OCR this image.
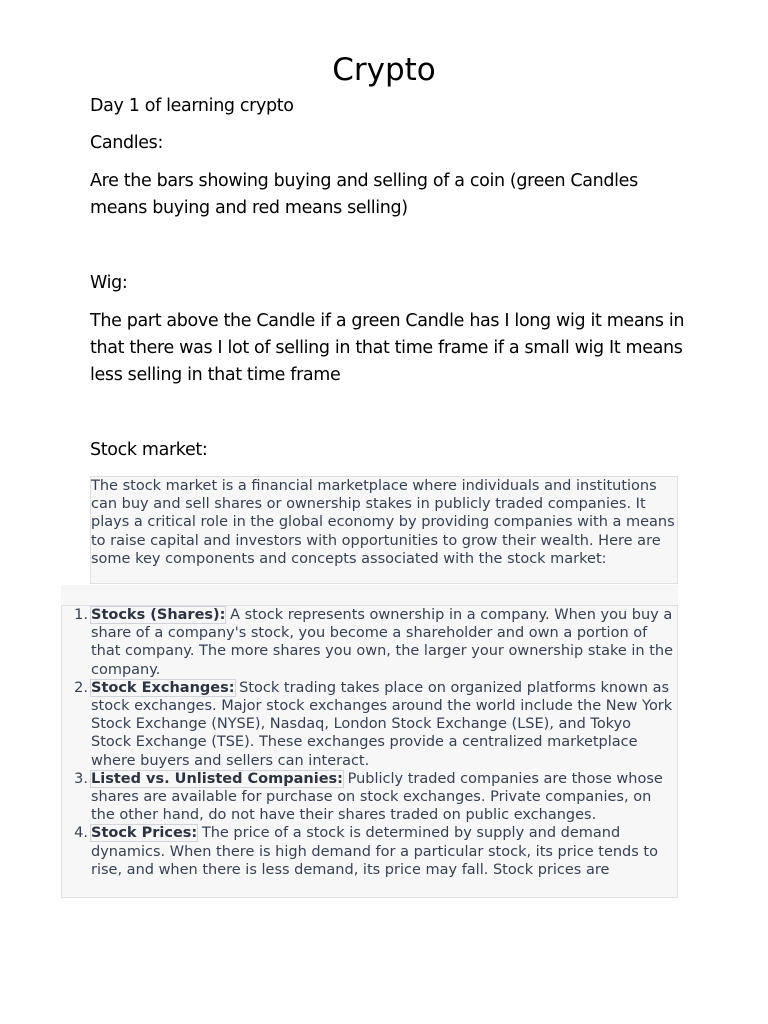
Crypto
Day 1 of learning crypto
Candles:
Are the bars showing buying and selling of a coin (green Candles means buying and red means selling)
Wig:
The part above the Candle if a green Candle has I long wig it means in that there was I lot of selling in that time frame if a small wig It means less selling in that time frame
Stock market:

The stock market is a financial marketplace where individuals and institutions can buy and sell shares or ownership stakes in publicly traded companies. It plays a critical role in the global economy by providing companies with a means to raise capital and investors with opportunities to grow their wealth. Here are some key components and concepts associated with the stock market:

1. Stocks (Shares): A stock represents ownership in a company. When you buy a share of a company's stock, you become a shareholder and own a portion of that company. The more shares you own, the larger your ownership stake in the company.
2. Stock Exchanges: Stock trading takes place on organized platforms known as stock exchanges. Major stock exchanges around the world include the New York Stock Exchange (NYSE), Nasdaq, London Stock Exchange (LSE), and Tokyo Stock Exchange (TSE). These exchanges provide a centralized marketplace where buyers and sellers can interact.
3. Listed vs. Unlisted Companies: Publicly traded companies are those whose shares are available for purchase on stock exchanges. Private companies, on the other hand, do not have their shares traded on public exchanges.
4. Stock Prices: The price of a stock is determined by supply and demand dynamics. When there is high demand for a particular stock, its price tends to rise, and when there is less demand, its price may fall. Stock prices are
